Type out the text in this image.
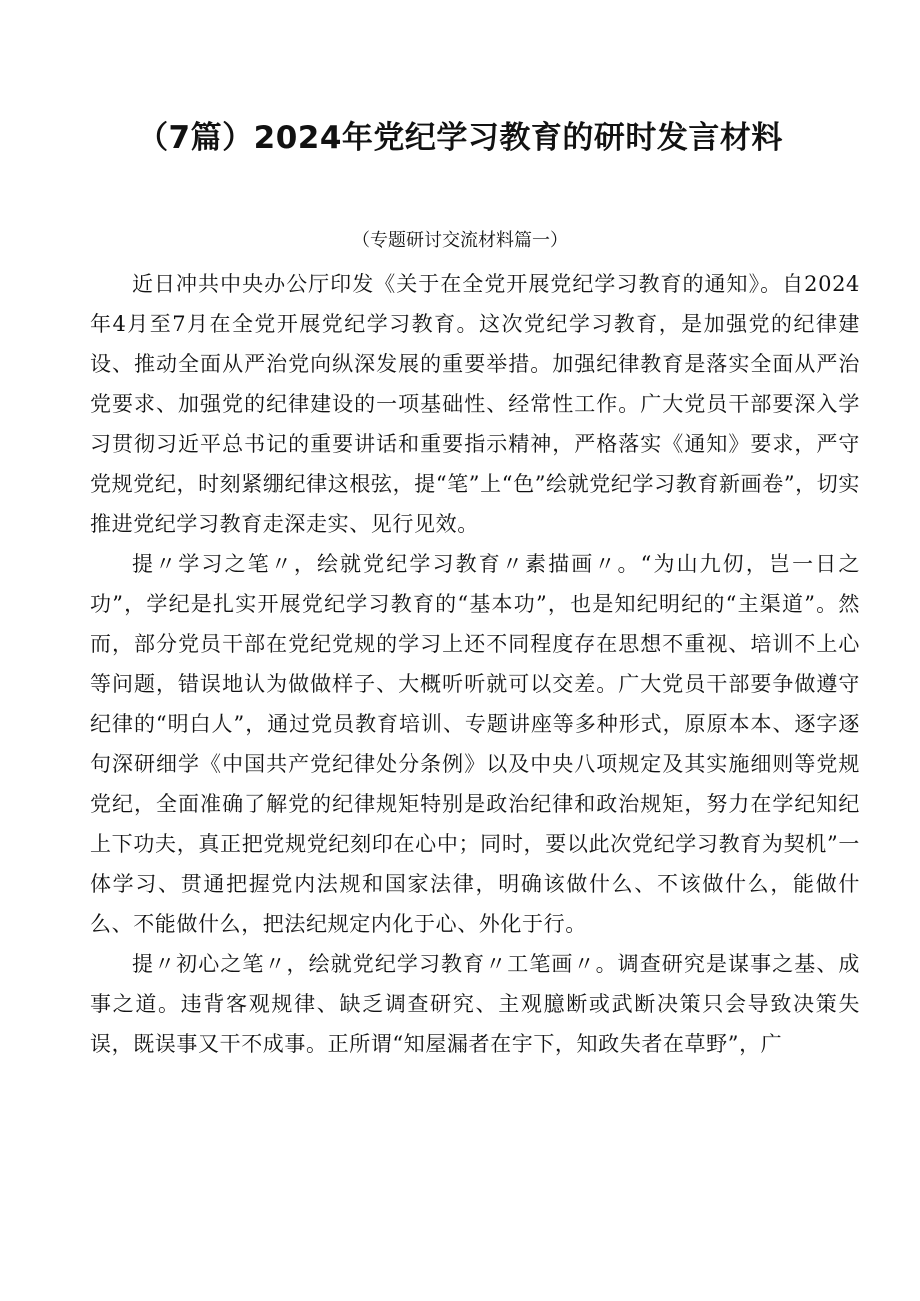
（7篇）2024年党纪学习教育的研时发言材料

（专题研讨交流材料篇一）

近日冲共中央办公厅印发《关于在全党开展党纪学习教育的通知》。自2024年4月至7月在全党开展党纪学习教育。这次党纪学习教育，是加强党的纪律建设、推动全面从严治党向纵深发展的重要举措。加强纪律教育是落实全面从严治党要求、加强党的纪律建设的一项基础性、经常性工作。广大党员干部要深入学习贯彻习近平总书记的重要讲话和重要指示精神，严格落实《通知》要求，严守党规党纪，时刻紧绷纪律这根弦，提“笔”上“色”绘就党纪学习教育新画卷”，切实推进党纪学习教育走深走实、见行见效。

提〃学习之笔〃，绘就党纪学习教育〃素描画〃。“为山九仞，岂一日之功”，学纪是扎实开展党纪学习教育的“基本功”，也是知纪明纪的“主渠道”。然而，部分党员干部在党纪党规的学习上还不同程度存在思想不重视、培训不上心等问题，错误地认为做做样子、大概听听就可以交差。广大党员干部要争做遵守纪律的“明白人”，通过党员教育培训、专题讲座等多种形式，原原本本、逐字逐句深研细学《中国共产党纪律处分条例》以及中央八项规定及其实施细则等党规党纪，全面准确了解党的纪律规矩特别是政治纪律和政治规矩，努力在学纪知纪上下功夫，真正把党规党纪刻印在心中；同时，要以此次党纪学习教育为契机”一体学习、贯通把握党内法规和国家法律，明确该做什么、不该做什么，能做什么、不能做什么，把法纪规定内化于心、外化于行。

提〃初心之笔〃，绘就党纪学习教育〃工笔画〃。调查研究是谋事之基、成事之道。违背客观规律、缺乏调查研究、主观臆断或武断决策只会导致决策失误，既误事又干不成事。正所谓“知屋漏者在宇下，知政失者在草野”，广
